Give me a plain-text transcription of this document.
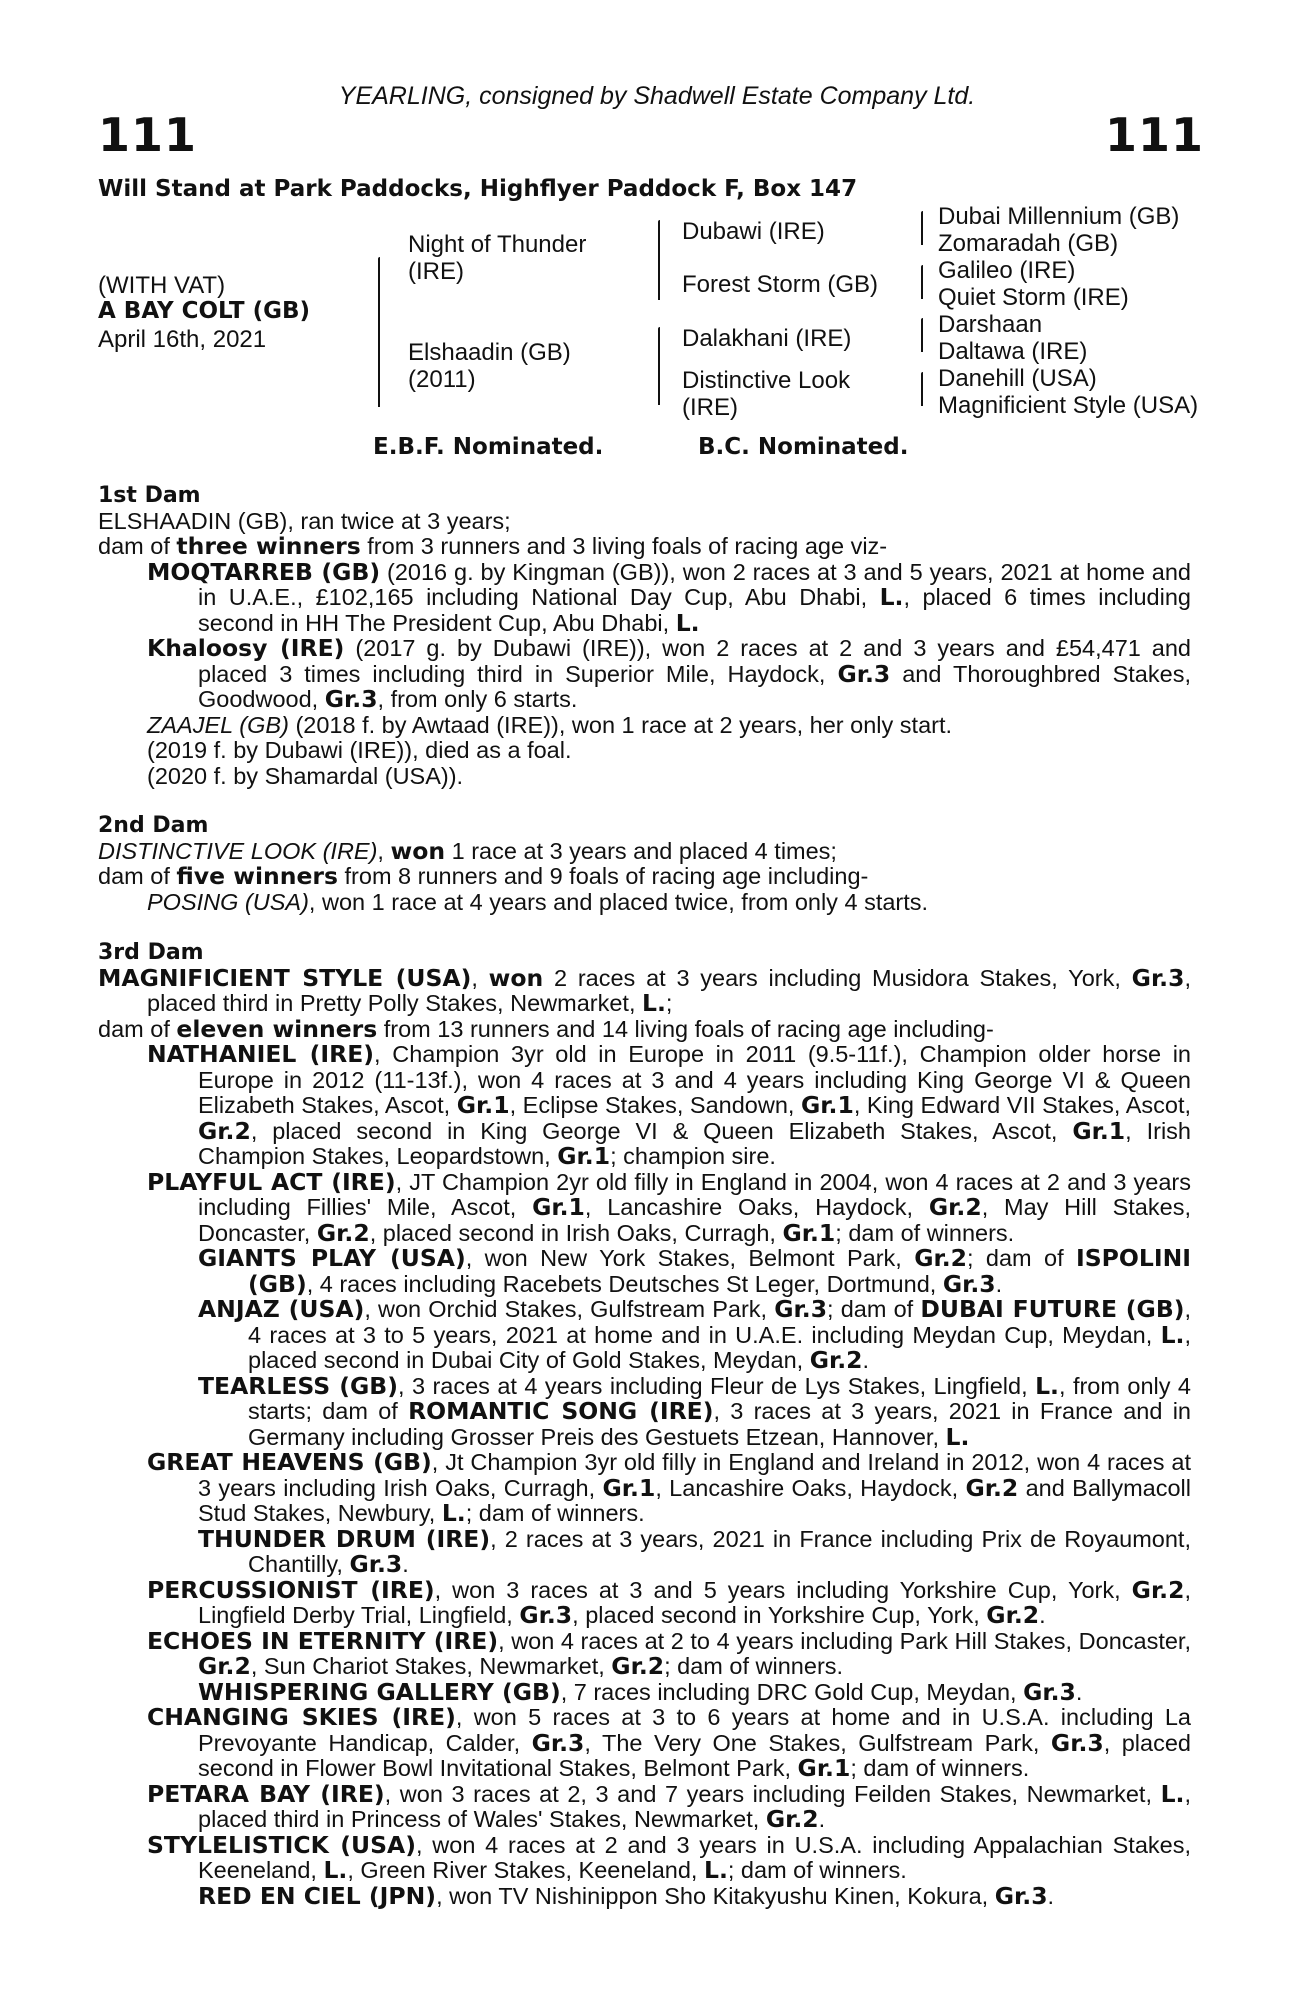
YEARLING, consigned by Shadwell Estate Company Ltd.
111	111
Will Stand at Park Paddocks, Highflyer Paddock F, Box 147
(WITH VAT)
A BAY COLT (GB)
April 16th, 2021
Night of Thunder
(IRE)
Elshaadin (GB)
(2011)
Dubawi (IRE)
Forest Storm (GB)
Dalakhani (IRE)
Distinctive Look
(IRE)
Dubai Millennium (GB)
Zomaradah (GB)
Galileo (IRE)
Quiet Storm (IRE)
Darshaan
Daltawa (IRE)
Danehill (USA)
Magnificient Style (USA)
E.B.F. Nominated.	B.C. Nominated.

1st Dam

ELSHAADIN (GB), ran twice at 3 years;

dam of three winners from 3 runners and 3 living foals of racing age viz-

MOQTARREB (GB) (2016 g. by Kingman (GB)), won 2 races at 3 and 5 years, 2021 at home and in U.A.E., £102,165 including National Day Cup, Abu Dhabi, L., placed 6 times including second in HH The President Cup, Abu Dhabi, L.

Khaloosy (IRE) (2017 g. by Dubawi (IRE)), won 2 races at 2 and 3 years and £54,471 and placed 3 times including third in Superior Mile, Haydock, Gr.3 and Thoroughbred Stakes, Goodwood, Gr.3, from only 6 starts.

ZAAJEL (GB) (2018 f. by Awtaad (IRE)), won 1 race at 2 years, her only start.

(2019 f. by Dubawi (IRE)), died as a foal.

(2020 f. by Shamardal (USA)).

2nd Dam

DISTINCTIVE LOOK (IRE), won 1 race at 3 years and placed 4 times;

dam of five winners from 8 runners and 9 foals of racing age including-

POSING (USA), won 1 race at 4 years and placed twice, from only 4 starts.

3rd Dam

MAGNIFICIENT STYLE (USA), won 2 races at 3 years including Musidora Stakes, York, Gr.3, placed third in Pretty Polly Stakes, Newmarket, L.;

dam of eleven winners from 13 runners and 14 living foals of racing age including-

NATHANIEL (IRE), Champion 3yr old in Europe in 2011 (9.5-11f.), Champion older horse in Europe in 2012 (11-13f.), won 4 races at 3 and 4 years including King George VI & Queen Elizabeth Stakes, Ascot, Gr.1, Eclipse Stakes, Sandown, Gr.1, King Edward VII Stakes, Ascot, Gr.2, placed second in King George VI & Queen Elizabeth Stakes, Ascot, Gr.1, Irish Champion Stakes, Leopardstown, Gr.1; champion sire.

PLAYFUL ACT (IRE), JT Champion 2yr old filly in England in 2004, won 4 races at 2 and 3 years including Fillies' Mile, Ascot, Gr.1, Lancashire Oaks, Haydock, Gr.2, May Hill Stakes, Doncaster, Gr.2, placed second in Irish Oaks, Curragh, Gr.1; dam of winners.

GIANTS PLAY (USA), won New York Stakes, Belmont Park, Gr.2; dam of ISPOLINI (GB), 4 races including Racebets Deutsches St Leger, Dortmund, Gr.3.

ANJAZ (USA), won Orchid Stakes, Gulfstream Park, Gr.3; dam of DUBAI FUTURE (GB), 4 races at 3 to 5 years, 2021 at home and in U.A.E. including Meydan Cup, Meydan, L., placed second in Dubai City of Gold Stakes, Meydan, Gr.2.

TEARLESS (GB), 3 races at 4 years including Fleur de Lys Stakes, Lingfield, L., from only 4 starts; dam of ROMANTIC SONG (IRE), 3 races at 3 years, 2021 in France and in Germany including Grosser Preis des Gestuets Etzean, Hannover, L.

GREAT HEAVENS (GB), Jt Champion 3yr old filly in England and Ireland in 2012, won 4 races at 3 years including Irish Oaks, Curragh, Gr.1, Lancashire Oaks, Haydock, Gr.2 and Ballymacoll Stud Stakes, Newbury, L.; dam of winners.

THUNDER DRUM (IRE), 2 races at 3 years, 2021 in France including Prix de Royaumont, Chantilly, Gr.3.

PERCUSSIONIST (IRE), won 3 races at 3 and 5 years including Yorkshire Cup, York, Gr.2, Lingfield Derby Trial, Lingfield, Gr.3, placed second in Yorkshire Cup, York, Gr.2.

ECHOES IN ETERNITY (IRE), won 4 races at 2 to 4 years including Park Hill Stakes, Doncaster, Gr.2, Sun Chariot Stakes, Newmarket, Gr.2; dam of winners.

WHISPERING GALLERY (GB), 7 races including DRC Gold Cup, Meydan, Gr.3.

CHANGING SKIES (IRE), won 5 races at 3 to 6 years at home and in U.S.A. including La Prevoyante Handicap, Calder, Gr.3, The Very One Stakes, Gulfstream Park, Gr.3, placed second in Flower Bowl Invitational Stakes, Belmont Park, Gr.1; dam of winners.

PETARA BAY (IRE), won 3 races at 2, 3 and 7 years including Feilden Stakes, Newmarket, L., placed third in Princess of Wales' Stakes, Newmarket, Gr.2.

STYLELISTICK (USA), won 4 races at 2 and 3 years in U.S.A. including Appalachian Stakes, Keeneland, L., Green River Stakes, Keeneland, L.; dam of winners.

RED EN CIEL (JPN), won TV Nishinippon Sho Kitakyushu Kinen, Kokura, Gr.3.
